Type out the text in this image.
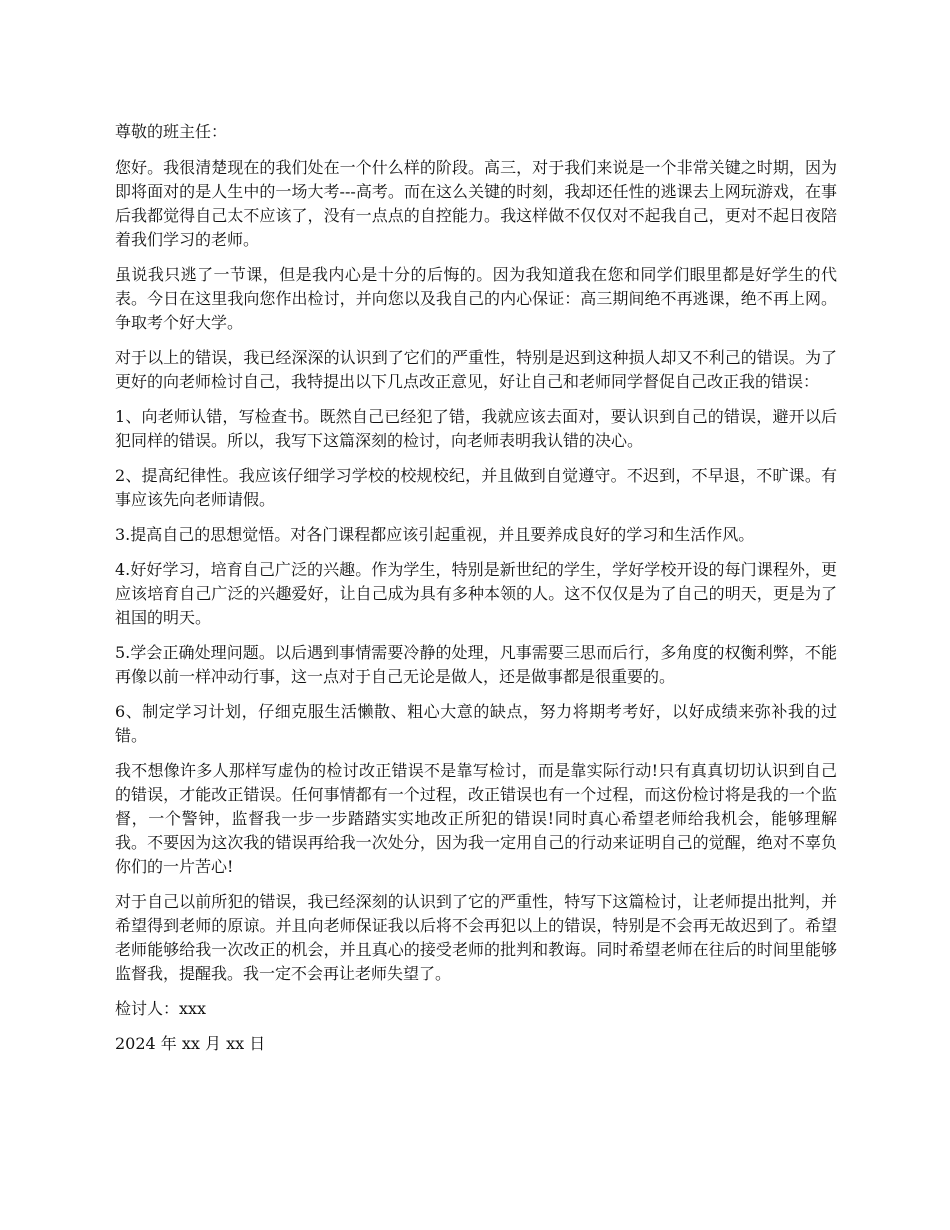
尊敬的班主任：

您好。我很清楚现在的我们处在一个什么样的阶段。高三，对于我们来说是一个非常关键之时期，因为即将面对的是人生中的一场大考---高考。而在这么关键的时刻，我却还任性的逃课去上网玩游戏，在事后我都觉得自己太不应该了，没有一点点的自控能力。我这样做不仅仅对不起我自己，更对不起日夜陪着我们学习的老师。

虽说我只逃了一节课，但是我内心是十分的后悔的。因为我知道我在您和同学们眼里都是好学生的代表。今日在这里我向您作出检讨，并向您以及我自己的内心保证：高三期间绝不再逃课，绝不再上网。争取考个好大学。

对于以上的错误，我已经深深的认识到了它们的严重性，特别是迟到这种损人却又不利己的错误。为了更好的向老师检讨自己，我特提出以下几点改正意见，好让自己和老师同学督促自己改正我的错误：

1、向老师认错，写检查书。既然自己已经犯了错，我就应该去面对，要认识到自己的错误，避开以后犯同样的错误。所以，我写下这篇深刻的检讨，向老师表明我认错的决心。

2、提高纪律性。我应该仔细学习学校的校规校纪，并且做到自觉遵守。不迟到，不早退，不旷课。有事应该先向老师请假。

3.提高自己的思想觉悟。对各门课程都应该引起重视，并且要养成良好的学习和生活作风。

4.好好学习，培育自己广泛的兴趣。作为学生，特别是新世纪的学生，学好学校开设的每门课程外，更应该培育自己广泛的兴趣爱好，让自己成为具有多种本领的人。这不仅仅是为了自己的明天，更是为了祖国的明天。

5.学会正确处理问题。以后遇到事情需要冷静的处理，凡事需要三思而后行，多角度的权衡利弊，不能再像以前一样冲动行事，这一点对于自己无论是做人，还是做事都是很重要的。

6、制定学习计划，仔细克服生活懒散、粗心大意的缺点，努力将期考考好，以好成绩来弥补我的过错。

我不想像许多人那样写虚伪的检讨改正错误不是靠写检讨，而是靠实际行动!只有真真切切认识到自己的错误，才能改正错误。任何事情都有一个过程，改正错误也有一个过程，而这份检讨将是我的一个监督，一个警钟，监督我一步一步踏踏实实地改正所犯的错误!同时真心希望老师给我机会，能够理解我。不要因为这次我的错误再给我一次处分，因为我一定用自己的行动来证明自己的觉醒，绝对不辜负你们的一片苦心!

对于自己以前所犯的错误，我已经深刻的认识到了它的严重性，特写下这篇检讨，让老师提出批判，并希望得到老师的原谅。并且向老师保证我以后将不会再犯以上的错误，特别是不会再无故迟到了。希望老师能够给我一次改正的机会，并且真心的接受老师的批判和教诲。同时希望老师在往后的时间里能够监督我，提醒我。我一定不会再让老师失望了。

检讨人：xxx

2024 年 xx 月 xx 日
